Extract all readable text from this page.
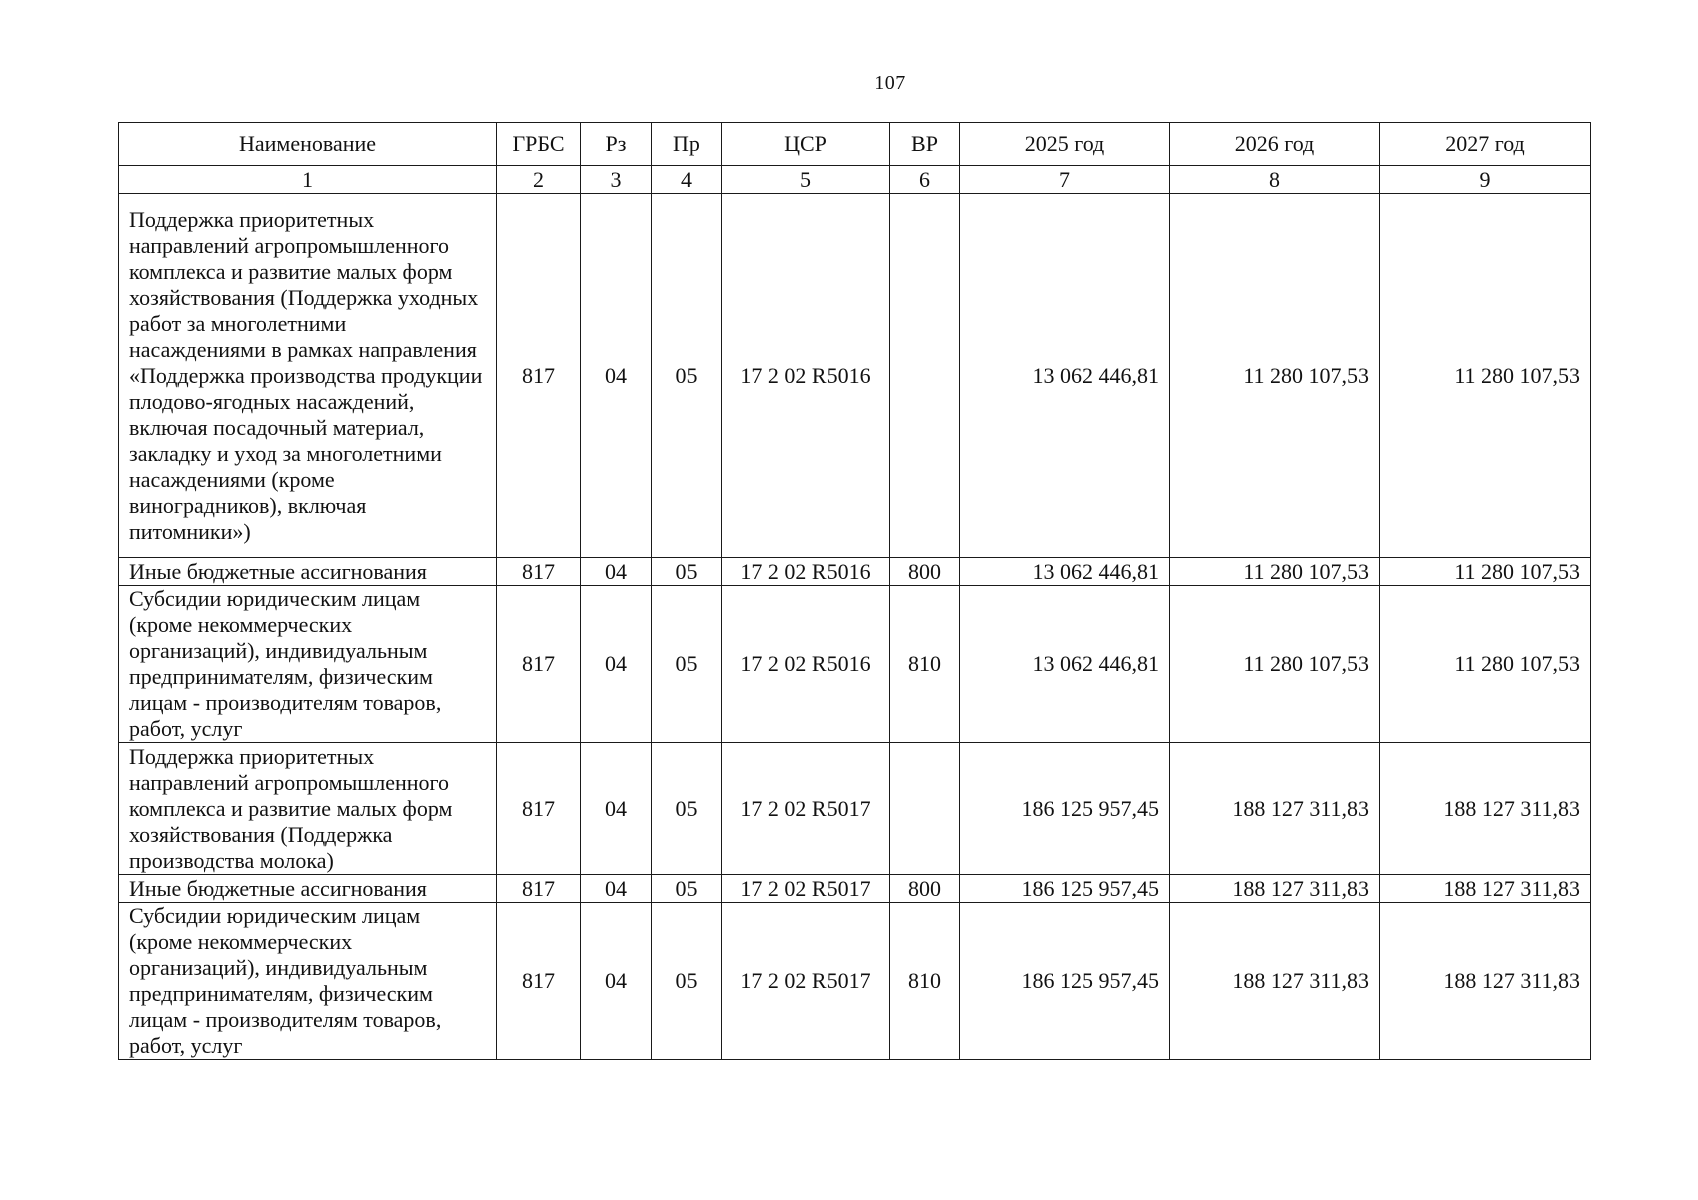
107
Наименование	ГРБС	Рз	Пр	ЦСР	ВР	2025 год	2026 год	2027 год
1	2	3	4	5	6	7	8	9
Поддержка приоритетных направлений агропромышленного комплекса и развитие малых форм хозяйствования (Поддержка уходных работ за многолетними насаждениями в рамках направления «Поддержка производства продукции плодово-ягодных насаждений, включая посадочный материал, закладку и уход за многолетними насаждениями (кроме виноградников), включая питомники»)	817	04	05	17 2 02 R5016		13 062 446,81	11 280 107,53	11 280 107,53
Иные бюджетные ассигнования	817	04	05	17 2 02 R5016	800	13 062 446,81	11 280 107,53	11 280 107,53
Субсидии юридическим лицам (кроме некоммерческих организаций), индивидуальным предпринимателям, физическим лицам - производителям товаров, работ, услуг	817	04	05	17 2 02 R5016	810	13 062 446,81	11 280 107,53	11 280 107,53
Поддержка приоритетных направлений агропромышленного комплекса и развитие малых форм хозяйствования (Поддержка производства молока)	817	04	05	17 2 02 R5017		186 125 957,45	188 127 311,83	188 127 311,83
Иные бюджетные ассигнования	817	04	05	17 2 02 R5017	800	186 125 957,45	188 127 311,83	188 127 311,83
Субсидии юридическим лицам (кроме некоммерческих организаций), индивидуальным предпринимателям, физическим лицам - производителям товаров, работ, услуг	817	04	05	17 2 02 R5017	810	186 125 957,45	188 127 311,83	188 127 311,83
